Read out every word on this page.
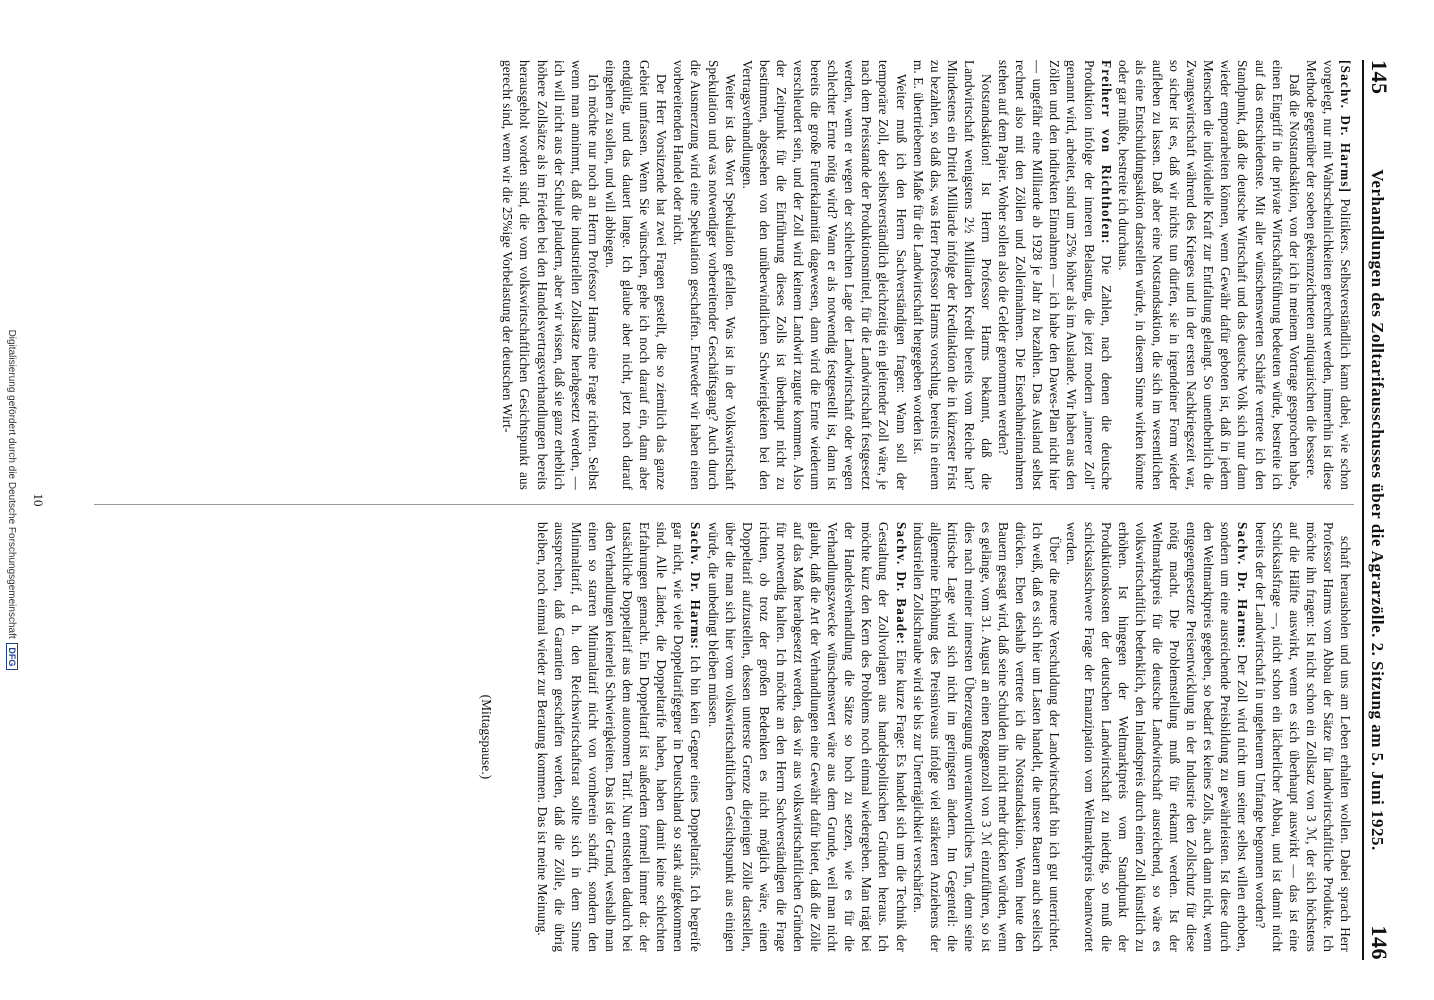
145
Verhandlungen des Zolltarifausschusses über die Agrarzölle. 2. Sitzung am 5. Juni 1925.
146

[Sachv. Dr. Harms] Politikers. Selbstverständlich kann dabei, wie schon vorgelegt, nur mit Wahrscheinlichkeiten gerechnet werden, immerhin ist diese Methode gegenüber der soeben gekennzeichneten antiquarischen die bessere.

Daß die Notstandsaktion, von der ich in meinem Vortrage gesprochen habe, einen Eingriff in die private Wirtschaftsführung bedeuten würde, bestreite ich auf das entschiedenste. Mit aller wünschenswerten Schärfe vertrete ich den Standpunkt, daß die deutsche Wirtschaft und das deutsche Volk sich nur dann wieder emporarbeiten können, wenn Gewähr dafür geboten ist, daß in jedem Menschen die individuelle Kraft zur Entfaltung gelangt. So unentbehrlich die Zwangswirtschaft während des Krieges und in der ersten Nachkriegszeit war, so sicher ist es, daß wir nichts tun dürfen, sie in irgendeiner Form wieder aufleben zu lassen. Daß aber eine Notstandsaktion, die sich im wesentlichen als eine Entschuldungsaktion darstellen würde, in diesem Sinne wirken könnte oder gar müßte, bestreite ich durchaus.

Freiherr von Richthofen: Die Zahlen, nach denen die deutsche Produktion infolge der inneren Belastung, die jetzt modern „innerer Zoll" genannt wird, arbeitet, sind um 25% höher als im Auslande. Wir haben aus den Zöllen und den indirekten Einnahmen — ich habe den Dawes-Plan nicht hier — ungefähr eine Milliarde ab 1928 je Jahr zu bezahlen. Das Ausland selbst rechnet also mit den Zöllen und Zolleinnahmen. Die Eisenbahneinnahmen stehen auf dem Papier. Woher sollen also die Gelder genommen werden?

Notstandsaktion! Ist Herrn Professor Harms bekannt, daß die Landwirtschaft wenigstens 2½ Milliarden Kredit bereits vom Reiche hat? Mindestens ein Drittel Milliarde infolge der Kreditaktion die in kürzester Frist zu bezahlen, so daß das, was Herr Professor Harms vorschlug, bereits in einem m. E. übertriebenen Maße für die Landwirtschaft hergegeben worden ist.

Weiter muß ich den Herrn Sachverständigen fragen: Wann soll der temporäre Zoll, der selbstverständlich gleichzeitig ein gleitender Zoll wäre, je nach dem Preisstande der Produktionsmittel, für die Landwirtschaft festgesetzt werden, wenn er wegen der schlechten Lage der Landwirtschaft oder wegen schlechter Ernte nötig wird? Wann er als notwendig festgestellt ist, dann ist bereits die große Futterkalamität dagewesen, dann wird die Ernte wiederum verschleudert sein, und der Zoll wird keinem Landwirt zugute kommen. Also der Zeitpunkt für die Einführung dieses Zolls ist überhaupt nicht zu bestimmen, abgesehen von den unüberwindlichen Schwierigkeiten bei den Vertragsverhandlungen.

Weiter ist das Wort Spekulation gefallen. Was ist in der Volkswirtschaft Spekulation und was notwendiger vorbereitender Geschäftsgang? Auch durch die Ausmerzung wird eine Spekulation geschaffen. Entweder wir haben einen vorbereitenden Handel oder nicht.

Der Herr Vorsitzende hat zwei Fragen gestellt, die so ziemlich das ganze Gebiet umfassen. Wenn Sie wünschen, gehe ich noch darauf ein, dann aber endgültig, und das dauert lange. Ich glaube aber nicht, jetzt noch darauf eingehen zu sollen, und will abbiegen.

Ich möchte nur noch an Herrn Professor Harms eine Frage richten. Selbst wenn man annimmt, daß die industriellen Zollsätze herabgesetzt werden, — ich will nicht aus der Schule plaudern, aber wir wissen, daß sie ganz erheblich höhere Zollsätze als im Frieden bei den Handelsvertragsverhandlungen bereits herausgeholt worden sind, die vom volkswirtschaftlichen Gesichtspunkt aus gerecht sind, wenn wir die 25%ige Vorbelastung der deutschen Wirt-

schaft herausholen und uns am Leben erhalten wollen. Dabei sprach Herr Professor Harms vom Abbau der Sätze für landwirtschaftliche Produkte. Ich möchte ihn fragen: Ist nicht schon ein Zollsatz von 3 ℳ, der sich höchstens auf die Hälfte auswirkt, wenn es sich überhaupt auswirkt — das ist eine Schicksalsfrage —, nicht schon ein lächerlicher Abbau, und ist damit nicht bereits der der Landwirtschaft in ungeheurem Umfange begonnen worden?

Sachv. Dr. Harms: Der Zoll wird nicht um seiner selbst willen erhoben, sondern um eine ausreichende Preisbildung zu gewährleisten. Ist diese durch den Weltmarktpreis gegeben, so bedarf es keines Zolls, auch dann nicht, wenn entgegengesetzte Preisentwicklung in der Industrie den Zollschutz für diese nötig macht. Die Problemstellung muß für erkannt werden. Ist der Weltmarktpreis für die deutsche Landwirtschaft ausreichend, so wäre es volkswirtschaftlich bedenklich, den Inlandspreis durch einen Zoll künstlich zu erhöhen. Ist hingegen der Weltmarktpreis vom Standpunkt der Produktionskosten der deutschen Landwirtschaft zu niedrig, so muß die schicksalsschwere Frage der Emanzipation vom Weltmarktpreis beantwortet werden.

Über die neuere Verschuldung der Landwirtschaft bin ich gut unterrichtet. Ich weiß, daß es sich hier um Lasten handelt, die unsere Bauern auch seelisch drücken. Eben deshalb vertrete ich die Notstandsaktion. Wenn heute den Bauern gesagt wird, daß seine Schulden ihn nicht mehr drücken würden, wenn es gelänge, vom 31. August an einen Roggenzoll von 3 ℳ einzuführen, so ist dies nach meiner innersten Überzeugung unverantwortliches Tun, denn seine kritische Lage wird sich nicht im geringsten ändern. Im Gegenteil: die allgemeine Erhöhung des Preisniveaus infolge viel stärkeren Anziehens der industriellen Zollschraube wird sie bis zur Unerträglichkeit verschärfen.

Sachv. Dr. Baade: Eine kurze Frage: Es handelt sich um die Technik der Gestaltung der Zollvorlagen aus handelspolitischen Gründen heraus. Ich möchte kurz den Kern des Problems noch einmal wiedergeben. Man trägt bei der Handelsverhandlung die Sätze so hoch zu setzen, wie es für die Verhandlungszwecke wünschenswert wäre aus dem Grunde, weil man nicht glaubt, daß die Art der Verhandlungen eine Gewähr dafür bietet, daß die Zölle auf das Maß herabgesetzt werden, das wir aus volkswirtschaftlichen Gründen für notwendig halten. Ich möchte an den Herrn Sachverständigen die Frage richten, ob trotz der großen Bedenken es nicht möglich wäre, einen Doppeltarif aufzustellen, dessen unterste Grenze diejenigen Zölle darstellen, über die man sich hier vom volkswirtschaftlichen Gesichtspunkt aus einigen würde, die unbedingt bleiben müssen.

Sachv. Dr. Harms: Ich bin kein Gegner eines Doppeltarifs. Ich begreife gar nicht, wie viele Doppeltarifgegner in Deutschland so stark aufgekommen sind. Alle Länder, die Doppeltarife haben, haben damit keine schlechten Erfahrungen gemacht. Ein Doppeltarif ist außerdem formell immer da: der tatsächliche Doppeltarif aus dem autonomen Tarif. Nun entstehen dadurch bei den Verhandlungen keinerlei Schwierigkeiten. Das ist der Grund, weshalb man einen so starren Minimaltarif nicht von vornherein schafft, sondern den Minimaltarif, d. h. den Reichswirtschaftsrat sollte sich in dem Sinne aussprechen, daß Garantien geschaffen werden, daß die Zölle, die übrig bleiben, noch einmal wieder zur Beratung kommen. Das ist meine Meinung.

(Mittagspause.)

10
Digitalisierung gefördert durch die Deutsche Forschungsgemeinschaft DFG
